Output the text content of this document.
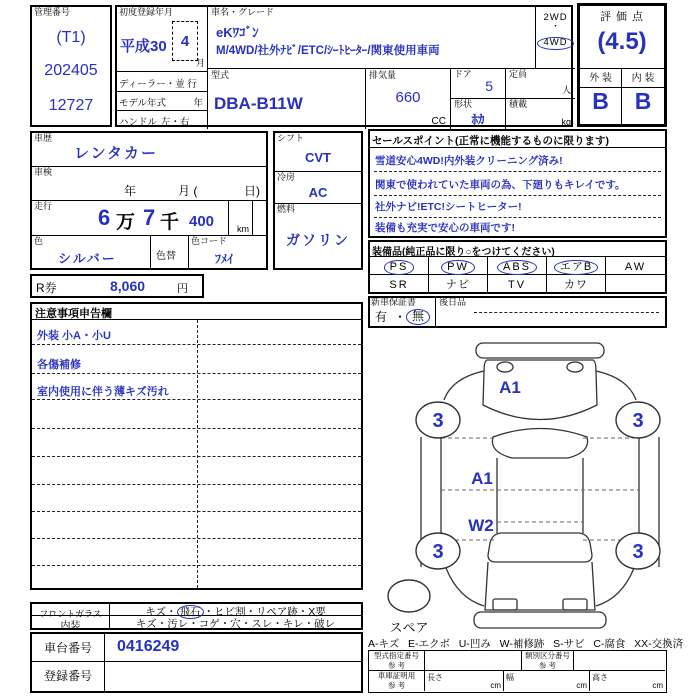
管理番号
(T1)
202405
12727
初度登録年月
平成30 4
月
ディーラー・並 行
モデル年式	年
ハンドル 左・右
車名・グレード
eKﾜｺﾞﾝ
M/4WD/社外ﾅﾋﾞ/ETC/ｼｰﾄﾋｰﾀｰ/関東使用車両
2WD
・
4WD
型式
DBA-B11W
排気量
660
CC
ドア
5
形状
ﾎｶ
定員
人
積載
kg
評 価 点
(4.5)
外 装	内 装
B	B
車歴
レンタカー
車検
年	月 (	日)
走行 6 万 7 千 400	km
色
シルバー	色替
色コード
ﾌﾒｲ
シフト
CVT
冷房
AC
燃料
ガソリン
R券	8,060	円
セールスポイント(正常に機能するものに限ります)
雪道安心4WD!内外装クリーニング済み!
関東で使われていた車両の為、下廻りもキレイです。
社外ナビ!ETC!シートヒーター!
装備も充実で安心の車両です!
装備品(純正品に限り○をつけてください)
PS	PW	ABS	エアB	AW
SR	ナビ	TV	カワ
新車保証書
有 ・ 無
後日品
注意事項申告欄
外装 小A・小U
各傷補修
室内使用に伴う薄キズ汚れ
3	3
3	3
A1
A1
W2
スペア
フロントガラス	キズ・ 飛石 ・ヒビ割・リペア跡・X要
内装	キズ・汚レ・コゲ・穴・スレ・キレ・破レ
車台番号	0416249
登録番号
A-キズ   E-エクボ   U-凹み   W-補修跡   S-サビ   C-腐食   XX-交換済
型式指定番号
参 考
類別区分番号
参 考
車庫証明用
参 考
長さ
cm
幅
cm
高さ
cm
